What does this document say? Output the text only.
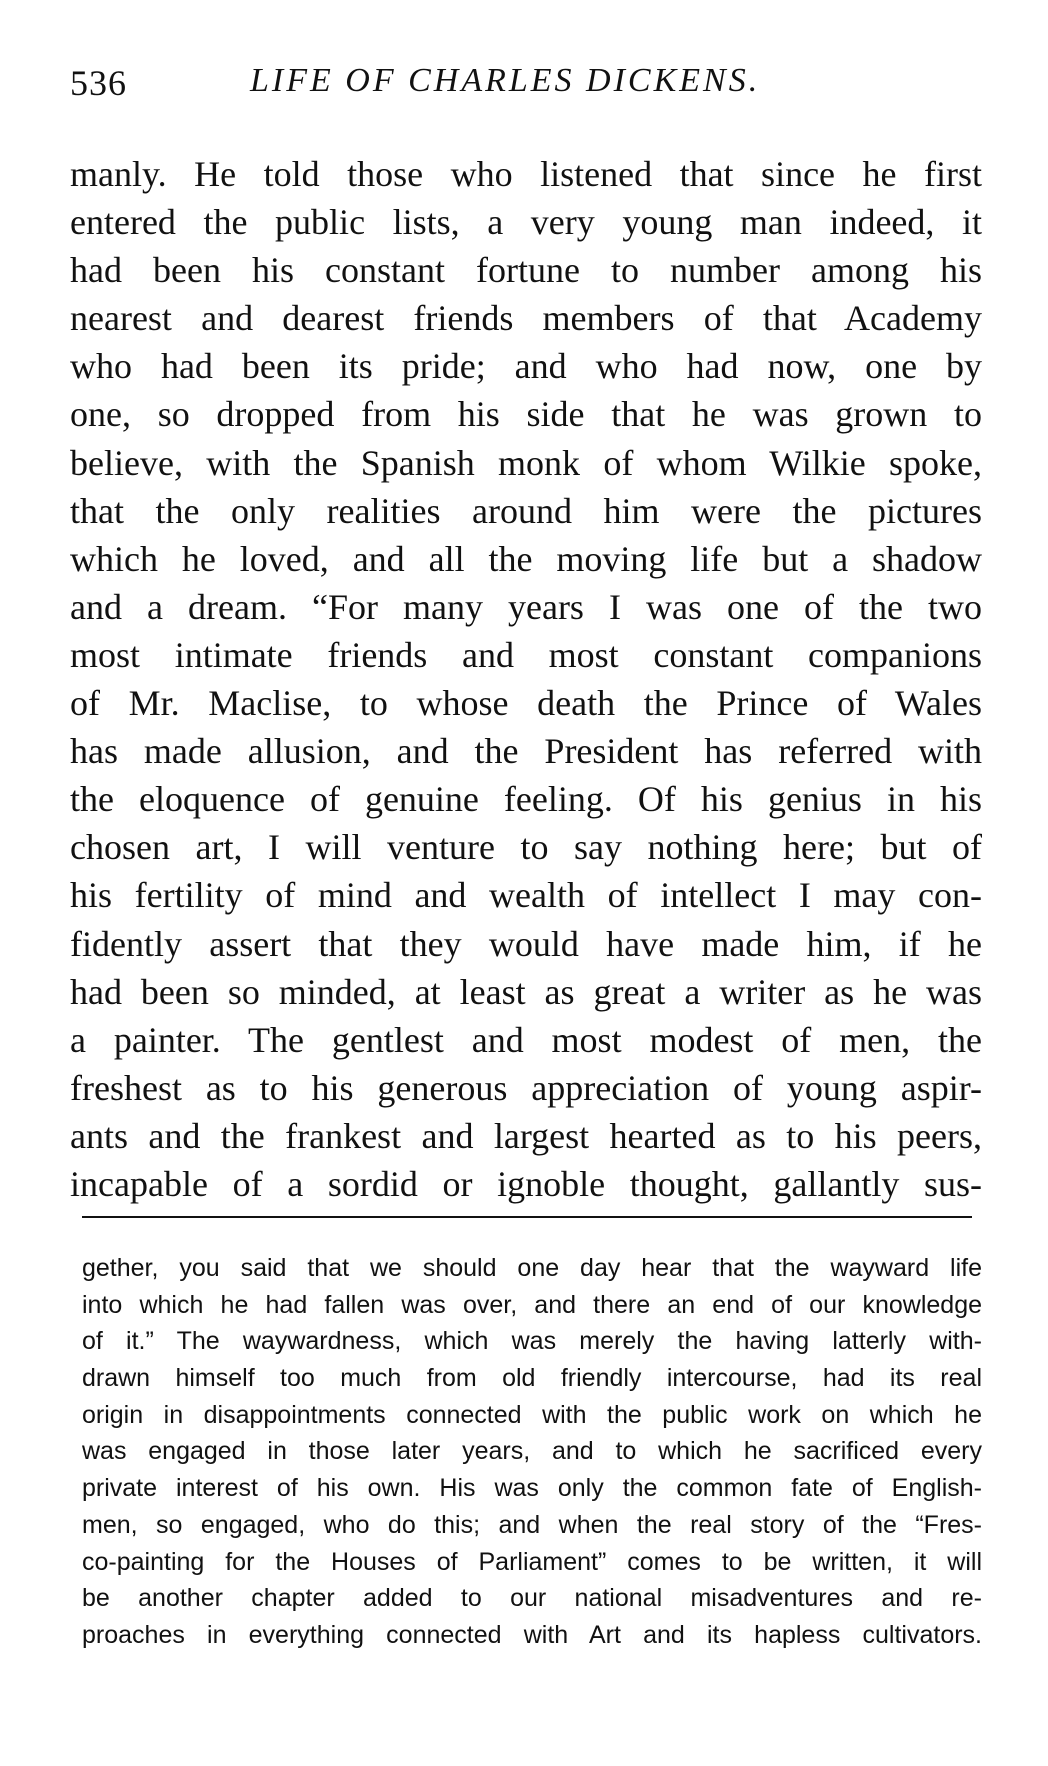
536	LIFE OF CHARLES DICKENS.
manly. He told those who listened that since he first
entered the public lists, a very young man indeed, it
had been his constant fortune to number among his
nearest and dearest friends members of that Academy
who had been its pride; and who had now, one by
one, so dropped from his side that he was grown to
believe, with the Spanish monk of whom Wilkie spoke,
that the only realities around him were the pictures
which he loved, and all the moving life but a shadow
and a dream. “For many years I was one of the two
most intimate friends and most constant companions
of Mr. Maclise, to whose death the Prince of Wales
has made allusion, and the President has referred with
the eloquence of genuine feeling. Of his genius in his
chosen art, I will venture to say nothing here; but of
his fertility of mind and wealth of intellect I may con-
fidently assert that they would have made him, if he
had been so minded, at least as great a writer as he was
a painter. The gentlest and most modest of men, the
freshest as to his generous appreciation of young aspir-
ants and the frankest and largest hearted as to his peers,
incapable of a sordid or ignoble thought, gallantly sus-
gether, you said that we should one day hear that the wayward life
into which he had fallen was over, and there an end of our knowledge
of it.” The waywardness, which was merely the having latterly with-
drawn himself too much from old friendly intercourse, had its real
origin in disappointments connected with the public work on which he
was engaged in those later years, and to which he sacrificed every
private interest of his own. His was only the common fate of English-
men, so engaged, who do this; and when the real story of the “Fres-
co-painting for the Houses of Parliament” comes to be written, it will
be another chapter added to our national misadventures and re-
proaches in everything connected with Art and its hapless cultivators.
